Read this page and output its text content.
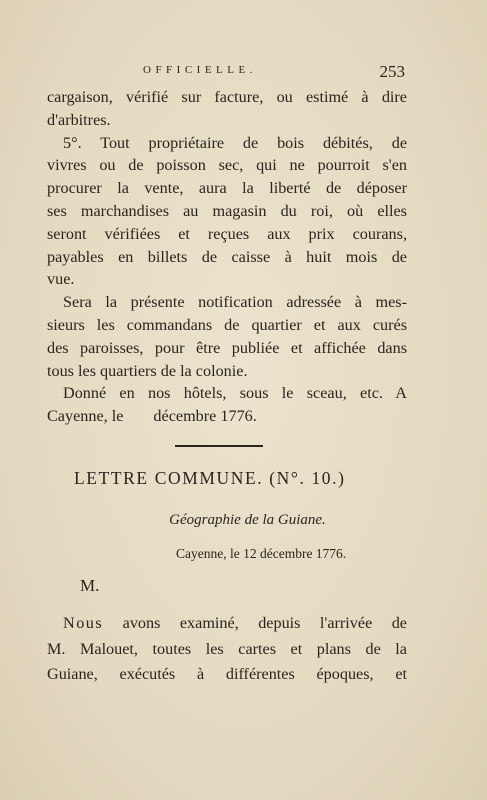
OFFICIELLE.	253
cargaison, vérifié sur facture, ou estimé à dire
d'arbitres.
5°. Tout propriétaire de bois débités, de
vivres ou de poisson sec, qui ne pourroit s'en
procurer la vente, aura la liberté de déposer
ses marchandises au magasin du roi, où elles
seront vérifiées et reçues aux prix courans,
payables en billets de caisse à huit mois de
vue.
Sera la présente notification adressée à mes-
sieurs les commandans de quartier et aux curés
des paroisses, pour être publiée et affichée dans
tous les quartiers de la colonie.
Donné en nos hôtels, sous le sceau, etc. A
Cayenne, le décembre 1776.
LETTRE COMMUNE. (N°. 10.)
Géographie de la Guiane.
Cayenne, le 12 décembre 1776.
M.
Nous avons examiné, depuis l'arrivée de
M. Malouet, toutes les cartes et plans de la
Guiane, exécutés à différentes époques, et
